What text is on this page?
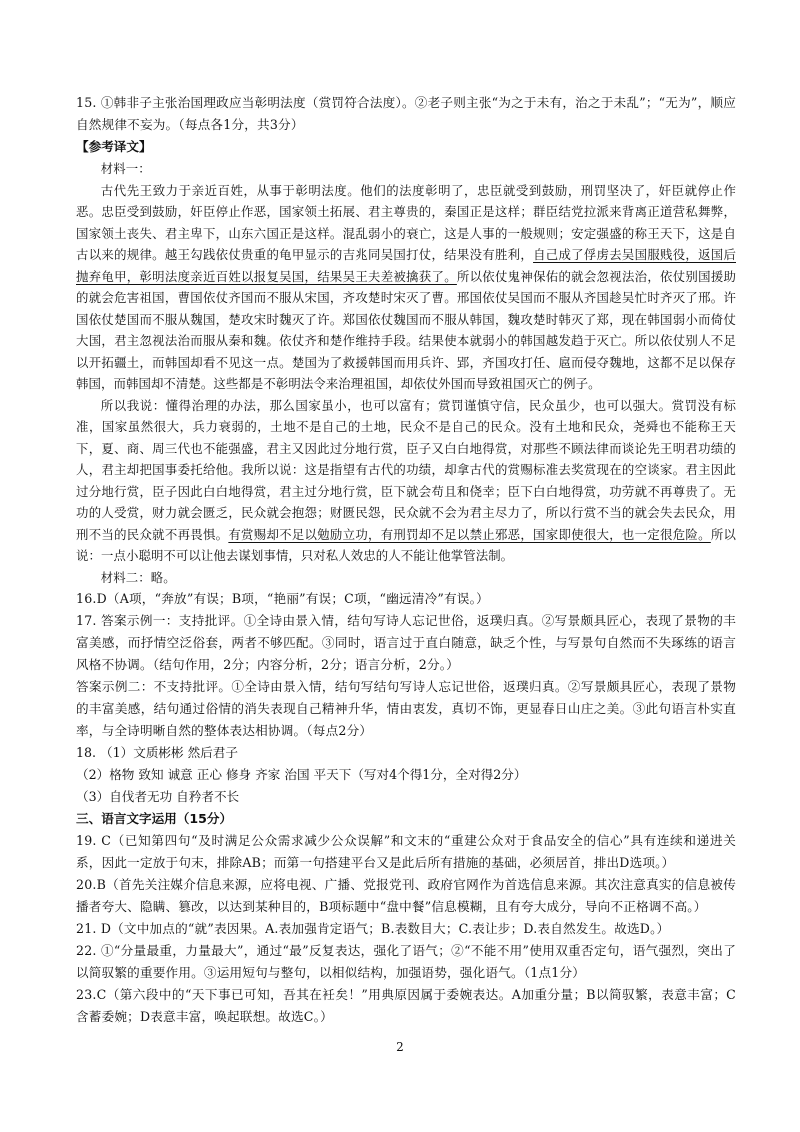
15. ①韩非子主张治国理政应当彰明法度（赏罚符合法度）。②老子则主张“为之于未有，治之于未乱”；“无为”，顺应自然规律不妄为。（每点各1分，共3分）

【参考译文】

材料一：

古代先王致力于亲近百姓，从事于彰明法度。他们的法度彰明了，忠臣就受到鼓励，刑罚坚决了，奸臣就停止作恶。忠臣受到鼓励，奸臣停止作恶，国家领土拓展、君主尊贵的，秦国正是这样；群臣结党拉派来背离正道营私舞弊，国家领土丧失、君主卑下，山东六国正是这样。混乱弱小的衰亡，这是人事的一般规则；安定强盛的称王天下，这是自古以来的规律。越王勾践依仗贵重的龟甲显示的吉兆同吴国打仗，结果没有胜利，自己成了俘虏去吴国服贱役，返国后抛弃龟甲，彰明法度亲近百姓以报复吴国，结果吴王夫差被擒获了。所以依仗鬼神保佑的就会忽视法治，依仗别国援助的就会危害祖国，曹国依仗齐国而不服从宋国，齐攻楚时宋灭了曹。邢国依仗吴国而不服从齐国趁吴忙时齐灭了邢。许国依仗楚国而不服从魏国，楚攻宋时魏灭了许。郑国依仗魏国而不服从韩国，魏攻楚时韩灭了郑，现在韩国弱小而倚仗大国，君主忽视法治而服从秦和魏。依仗齐和楚作维持手段。结果使本就弱小的韩国越发趋于灭亡。所以依仗别人不足以开拓疆土，而韩国却看不见这一点。楚国为了救援韩国而用兵许、郢，齐国攻打任、扈而侵夺魏地，这都不足以保存韩国，而韩国却不清楚。这些都是不彰明法令来治理祖国，却依仗外国而导致祖国灭亡的例子。

所以我说：懂得治理的办法，那么国家虽小，也可以富有；赏罚谨慎守信，民众虽少，也可以强大。赏罚没有标准，国家虽然很大，兵力衰弱的，土地不是自己的土地，民众不是自己的民众。没有土地和民众，尧舜也不能称王天下，夏、商、周三代也不能强盛，君主又因此过分地行赏，臣子又白白地得赏，对那些不顾法律而谈论先王明君功绩的人，君主却把国事委托给他。我所以说：这是指望有古代的功绩，却拿古代的赏赐标准去奖赏现在的空谈家。君主因此过分地行赏，臣子因此白白地得赏，君主过分地行赏，臣下就会苟且和侥幸；臣下白白地得赏，功劳就不再尊贵了。无功的人受赏，财力就会匮乏，民众就会抱怨；财匮民怨，民众就不会为君主尽力了，所以行赏不当的就会失去民众，用刑不当的民众就不再畏惧。有赏赐却不足以勉励立功，有刑罚却不足以禁止邪恶，国家即使很大，也一定很危险。所以说：一点小聪明不可以让他去谋划事情，只对私人效忠的人不能让他掌管法制。

材料二：略。

16.D（A项，“奔放”有误；B项，“艳丽”有误；C项，“幽远清冷”有误。）

17. 答案示例一：支持批评。①全诗由景入情，结句写诗人忘记世俗，返璞归真。②写景颇具匠心，表现了景物的丰富美感，而抒情空泛俗套，两者不够匹配。③同时，语言过于直白随意，缺乏个性，与写景句自然而不失琢练的语言风格不协调。（结句作用，2分；内容分析，2分；语言分析，2分。）

答案示例二：不支持批评。①全诗由景入情，结句写结句写诗人忘记世俗，返璞归真。②写景颇具匠心，表现了景物的丰富美感，结句通过俗情的消失表现自己精神升华，情由衷发，真切不饰，更显春日山庄之美。③此句语言朴实直率，与全诗明晰自然的整体表达相协调。（每点2分）

18. （1）文质彬彬 然后君子

（2）格物 致知 诚意 正心 修身 齐家 治国 平天下（写对4个得1分，全对得2分）

（3）自伐者无功 自矜者不长

三、语言文字运用（15分）

19. C（已知第四句“及时满足公众需求减少公众误解”和文末的“重建公众对于食品安全的信心”具有连续和递进关系，因此一定放于句末，排除AB；而第一句搭建平台又是此后所有措施的基础，必须居首，排出D选项。）

20.B（首先关注媒介信息来源，应将电视、广播、党报党刊、政府官网作为首选信息来源。其次注意真实的信息被传播者夸大、隐瞒、篡改，以达到某种目的，B项标题中“盘中餐”信息模糊，且有夸大成分，导向不正格调不高。）

21. D（文中加点的“就”表因果。A.表加强肯定语气；B.表数目大；C.表让步；D.表自然发生。故选D。）

22. ①“分量最重，力量最大”，通过“最”反复表达，强化了语气；②“不能不用”使用双重否定句，语气强烈，突出了以简驭繁的重要作用。③运用短句与整句，以相似结构，加强语势，强化语气。（1点1分）

23.C（第六段中的“天下事已可知，吾其在衽矣！”用典原因属于委婉表达。A加重分量；B以简驭繁，表意丰富；C含蓄委婉；D表意丰富，唤起联想。故选C。）

2
